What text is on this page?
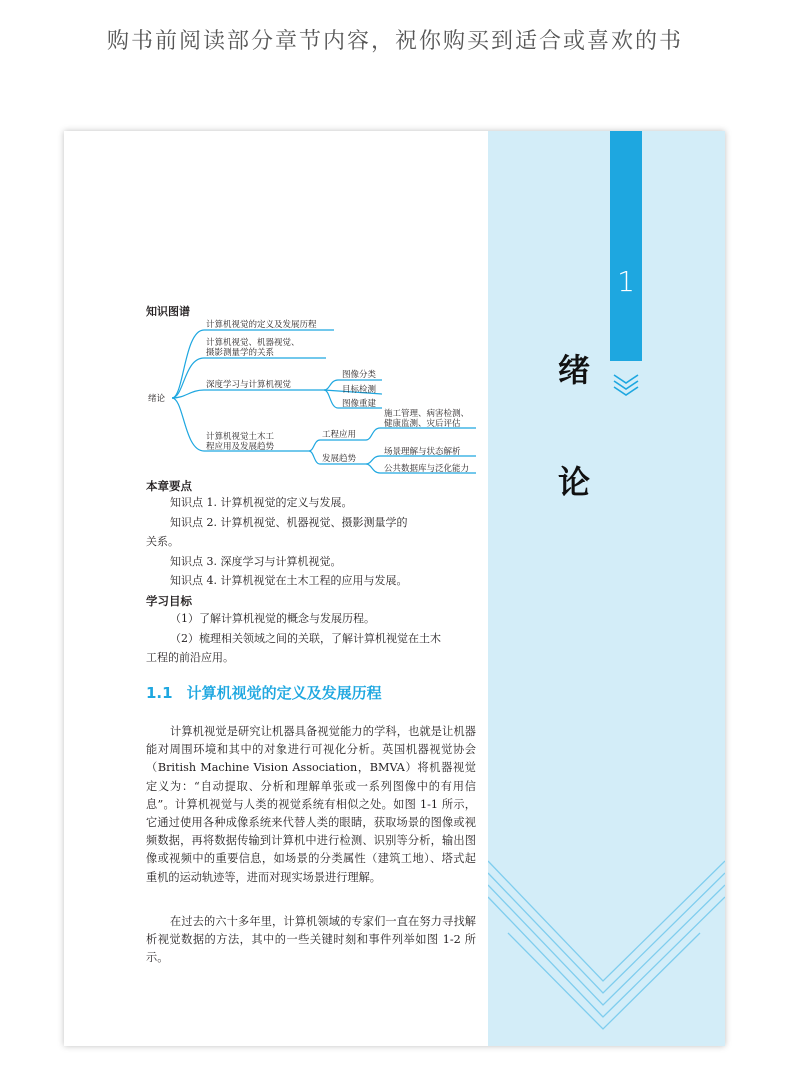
购书前阅读部分章节内容，祝你购买到适合或喜欢的书
1
绪
论
知识图谱
绪论
计算机视觉的定义及发展历程
计算机视觉、机器视觉、
摄影测量学的关系
深度学习与计算机视觉
图像分类
目标检测
图像重建
计算机视觉土木工
程应用及发展趋势
工程应用
施工管理、病害检测、
健康监测、灾后评估
发展趋势
场景理解与状态解析
公共数据库与泛化能力
本章要点
知识点 1. 计算机视觉的定义与发展。
知识点 2. 计算机视觉、机器视觉、摄影测量学的
关系。
知识点 3. 深度学习与计算机视觉。
知识点 4. 计算机视觉在土木工程的应用与发展。
学习目标
（1）了解计算机视觉的概念与发展历程。
（2）梳理相关领域之间的关联，了解计算机视觉在土木
工程的前沿应用。
1.1 计算机视觉的定义及发展历程
计算机视觉是研究让机器具备视觉能力的学科，也就是让机器能对周围环境和其中的对象进行可视化分析。英国机器视觉协会（British Machine Vision Association，BMVA）将机器视觉定义为：“自动提取、分析和理解单张或一系列图像中的有用信息”。计算机视觉与人类的视觉系统有相似之处。如图 1-1 所示，它通过使用各种成像系统来代替人类的眼睛，获取场景的图像或视频数据，再将数据传输到计算机中进行检测、识别等分析，输出图像或视频中的重要信息，如场景的分类属性（建筑工地）、塔式起重机的运动轨迹等，进而对现实场景进行理解。
在过去的六十多年里，计算机领域的专家们一直在努力寻找解析视觉数据的方法，其中的一些关键时刻和事件列举如图 1-2 所示。
